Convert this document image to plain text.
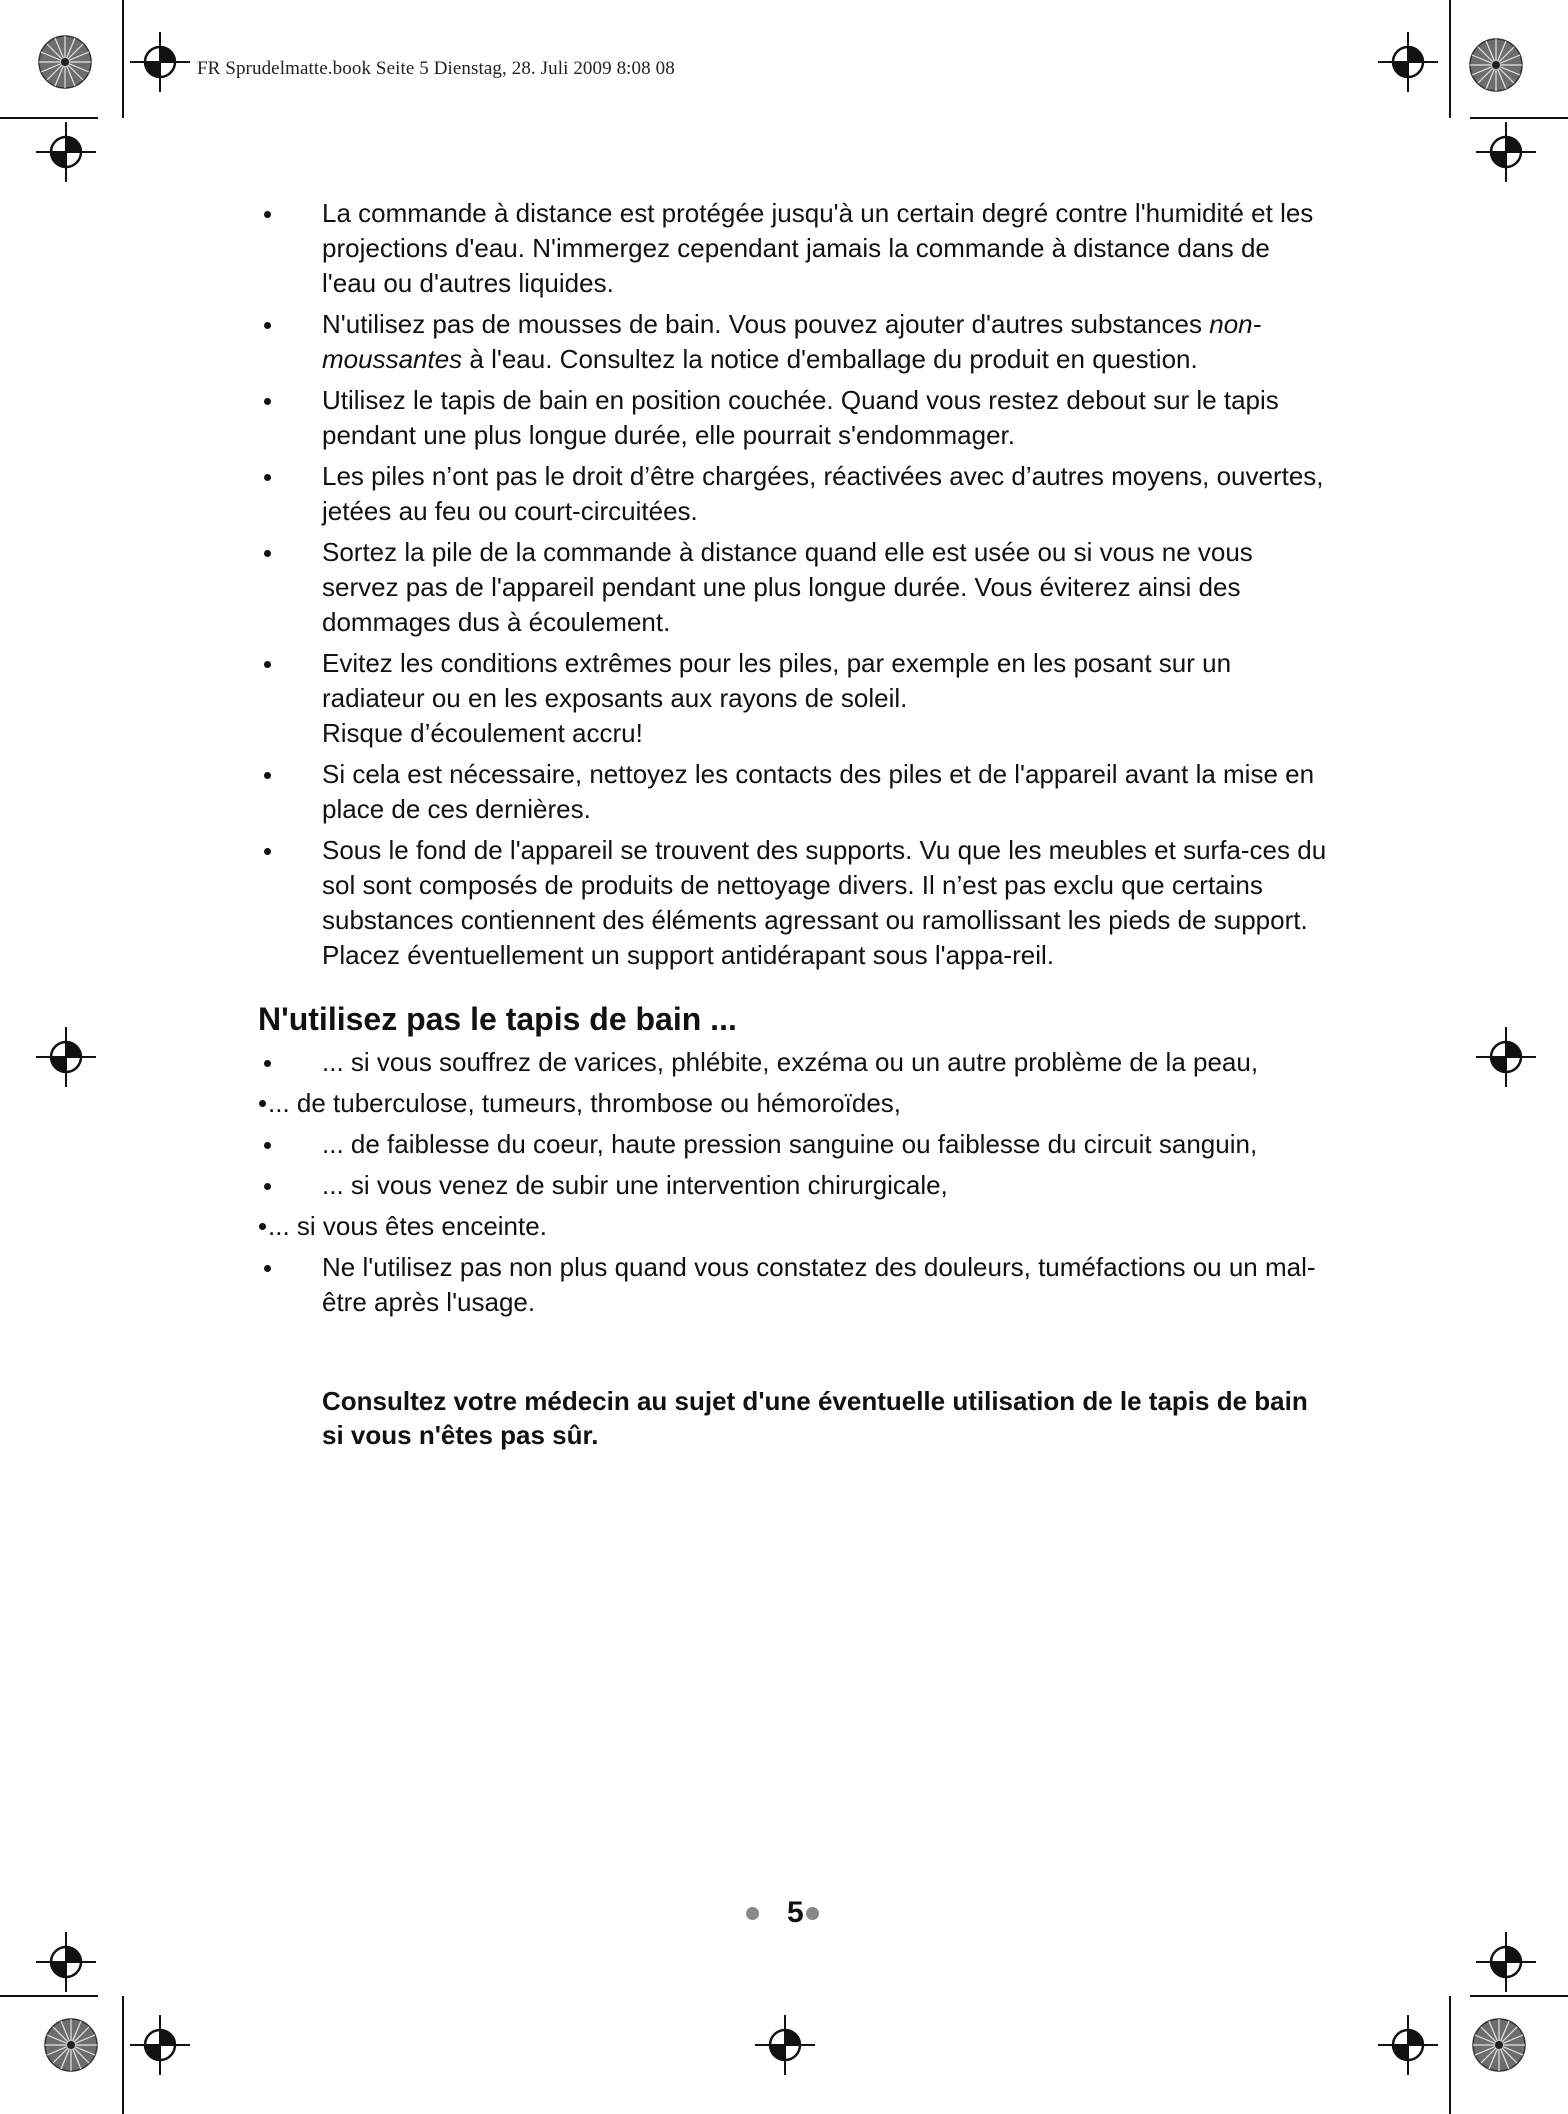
FR Sprudelmatte.book Seite 5 Dienstag, 28. Juli 2009 8:08 08
La commande à distance est protégée jusqu'à un certain degré contre l'humidité et les projections d'eau. N'immergez cependant jamais la commande à distance dans de l'eau ou d'autres liquides.
N'utilisez pas de mousses de bain. Vous pouvez ajouter d'autres substances non-moussantes à l'eau. Consultez la notice d'emballage du produit en question.
Utilisez le tapis de bain en position couchée. Quand vous restez debout sur le tapis pendant une plus longue durée, elle pourrait s'endommager.
Les piles n’ont pas le droit d’être chargées, réactivées avec d’autres moyens, ouvertes, jetées au feu ou court-circuitées.
Sortez la pile de la commande à distance quand elle est usée ou si vous ne vous servez pas de l'appareil pendant une plus longue durée. Vous éviterez ainsi des dommages dus à écoulement.
Evitez les conditions extrêmes pour les piles, par exemple en les posant sur un radiateur ou en les exposants aux rayons de soleil.
Risque d’écoulement accru!
Si cela est nécessaire, nettoyez les contacts des piles et de l'appareil avant la mise en place de ces dernières.
Sous le fond de l'appareil se trouvent des supports. Vu que les meubles et surfa-ces du sol sont composés de produits de nettoyage divers. Il n’est pas exclu que certains substances contiennent des éléments agressant ou ramollissant les pieds de support. Placez éventuellement un support antidérapant sous l'appa-reil.
N'utilisez pas le tapis de bain ...
... si vous souffrez de varices, phlébite, exzéma ou un autre problème de la peau,
... de tuberculose, tumeurs, thrombose ou hémoroïdes,
... de faiblesse du coeur, haute pression sanguine ou faiblesse du circuit sanguin,
... si vous venez de subir une intervention chirurgicale,
... si vous êtes enceinte.
Ne l'utilisez pas non plus quand vous constatez des douleurs, tuméfactions ou un mal-être après l'usage.
Consultez votre médecin au sujet d'une éventuelle utilisation de le tapis de bain si vous n'êtes pas sûr.
5
